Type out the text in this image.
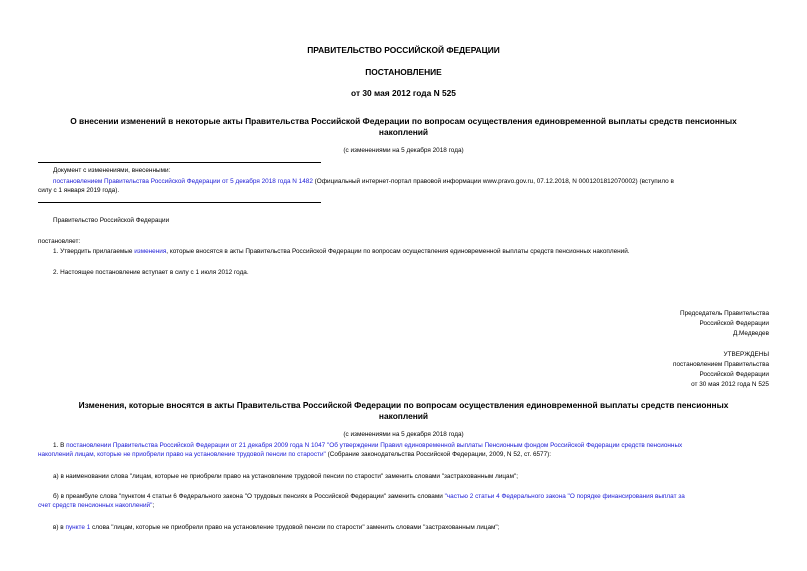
ПРАВИТЕЛЬСТВО РОССИЙСКОЙ ФЕДЕРАЦИИ
ПОСТАНОВЛЕНИЕ
от 30 мая 2012 года N 525
О внесении изменений в некоторые акты Правительства Российской Федерации по вопросам осуществления единовременной выплаты средств пенсионных
накоплений
(с изменениями на 5 декабря 2018 года)
Документ с изменениями, внесенными:
постановлением Правительства Российской Федерации от 5 декабря 2018 года N 1482 (Официальный интернет-портал правовой информации www.pravo.gov.ru, 07.12.2018, N 0001201812070002) (вступило в
силу с 1 января 2019 года).
Правительство Российской Федерации
постановляет:
1. Утвердить прилагаемые изменения, которые вносятся в акты Правительства Российской Федерации по вопросам осуществления единовременной выплаты средств пенсионных накоплений.
2. Настоящее постановление вступает в силу с 1 июля 2012 года.
Председатель Правительства
Российской Федерации
Д.Медведев
УТВЕРЖДЕНЫ
постановлением Правительства
Российской Федерации
от 30 мая 2012 года N 525
Изменения, которые вносятся в акты Правительства Российской Федерации по вопросам осуществления единовременной выплаты средств пенсионных
накоплений
(с изменениями на 5 декабря 2018 года)
1. В постановлении Правительства Российской Федерации от 21 декабря 2009 года N 1047 "Об утверждении Правил единовременной выплаты Пенсионным фондом Российской Федерации средств пенсионных
накоплений лицам, которые не приобрели право на установление трудовой пенсии по старости" (Собрание законодательства Российской Федерации, 2009, N 52, ст. 6577):
а) в наименовании слова "лицам, которые не приобрели право на установление трудовой пенсии по старости" заменить словами "застрахованным лицам";
б) в преамбуле слова "пунктом 4 статьи 6 Федерального закона "О трудовых пенсиях в Российской Федерации" заменить словами "частью 2 статьи 4 Федерального закона "О порядке финансирования выплат за
счет средств пенсионных накоплений";
в) в пункте 1 слова "лицам, которые не приобрели право на установление трудовой пенсии по старости" заменить словами "застрахованным лицам";
